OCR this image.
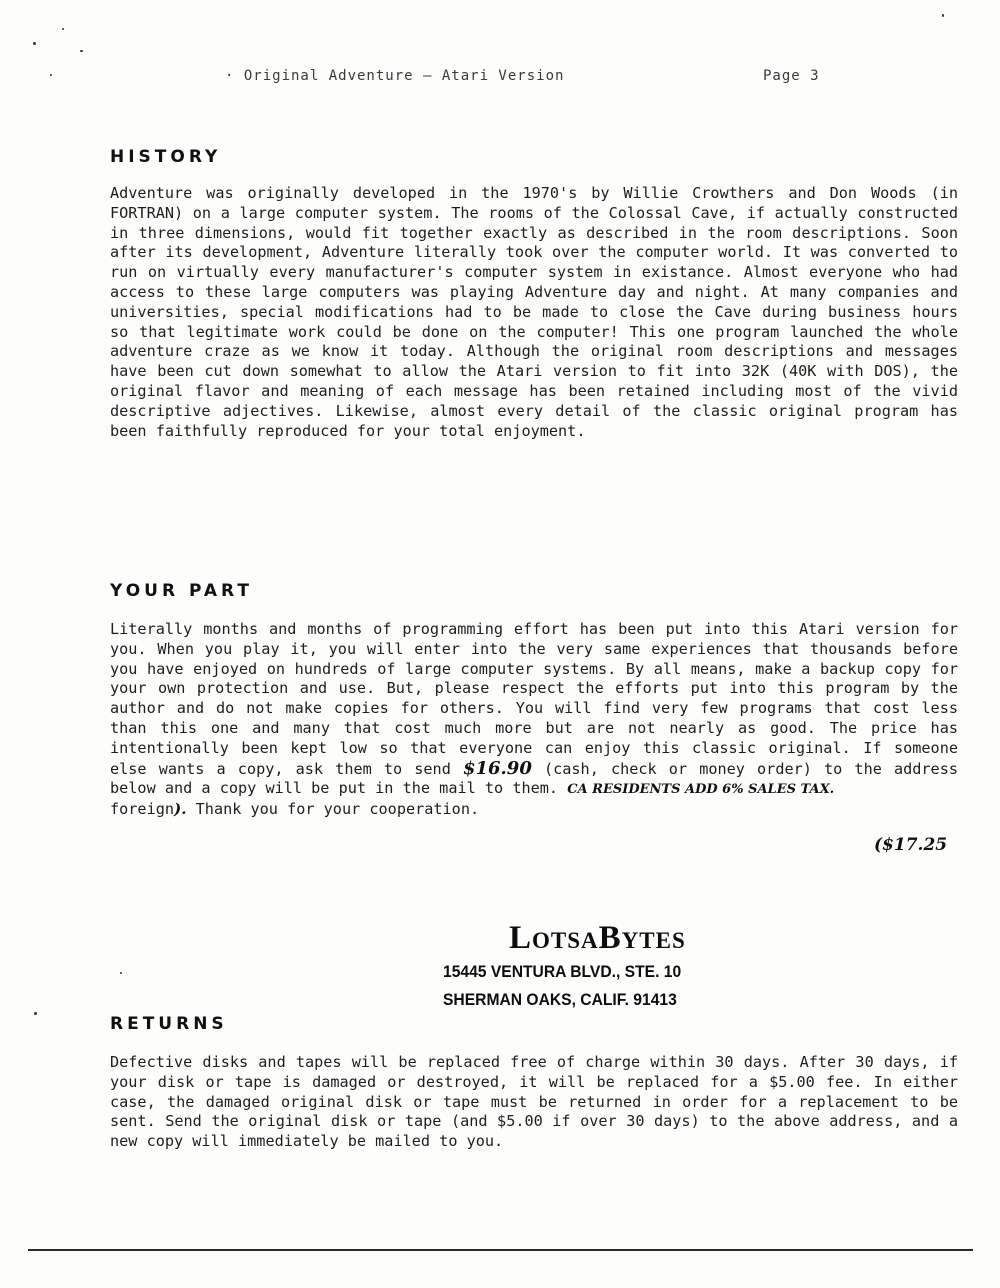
· Original Adventure – Atari Version	Page 3
HISTORY

Adventure was originally developed in the 1970's by Willie Crowthers and Don Woods (in FORTRAN) on a large computer system. The rooms of the Colossal Cave, if actually constructed in three dimensions, would fit together exactly as described in the room descriptions. Soon after its development, Adventure literally took over the computer world. It was converted to run on virtually every manufacturer's computer system in existance. Almost everyone who had access to these large computers was playing Adventure day and night. At many companies and universities, special modifications had to be made to close the Cave during business hours so that legitimate work could be done on the computer! This one program launched the whole adventure craze as we know it today. Although the original room descriptions and messages have been cut down somewhat to allow the Atari version to fit into 32K (40K with DOS), the original flavor and meaning of each message has been retained including most of the vivid descriptive adjectives. Likewise, almost every detail of the classic original program has been faithfully reproduced for your total enjoyment.

YOUR PART

Literally months and months of programming effort has been put into this Atari version for you. When you play it, you will enter into the very same experiences that thousands before you have enjoyed on hundreds of large computer systems. By all means, make a backup copy for your own protection and use. But, please respect the efforts put into this program by the author and do not make copies for others. You will find very few programs that cost less than this one and many that cost much more but are not nearly as good. The price has intentionally been kept low so that everyone can enjoy this classic original. If someone else wants a copy, ask them to send $16.90 (cash, check or money order) to the address below and a copy will be put in the mail to them. CA RESIDENTS ADD 6% SALES TAX.
foreign). Thank you for your cooperation.

($17.25
LotsaBytes
15445 VENTURA BLVD., STE. 10
SHERMAN OAKS, CALIF. 91413
RETURNS

Defective disks and tapes will be replaced free of charge within 30 days. After 30 days, if your disk or tape is damaged or destroyed, it will be replaced for a $5.00 fee. In either case, the damaged original disk or tape must be returned in order for a replacement to be sent. Send the original disk or tape (and $5.00 if over 30 days) to the above address, and a new copy will immediately be mailed to you.
